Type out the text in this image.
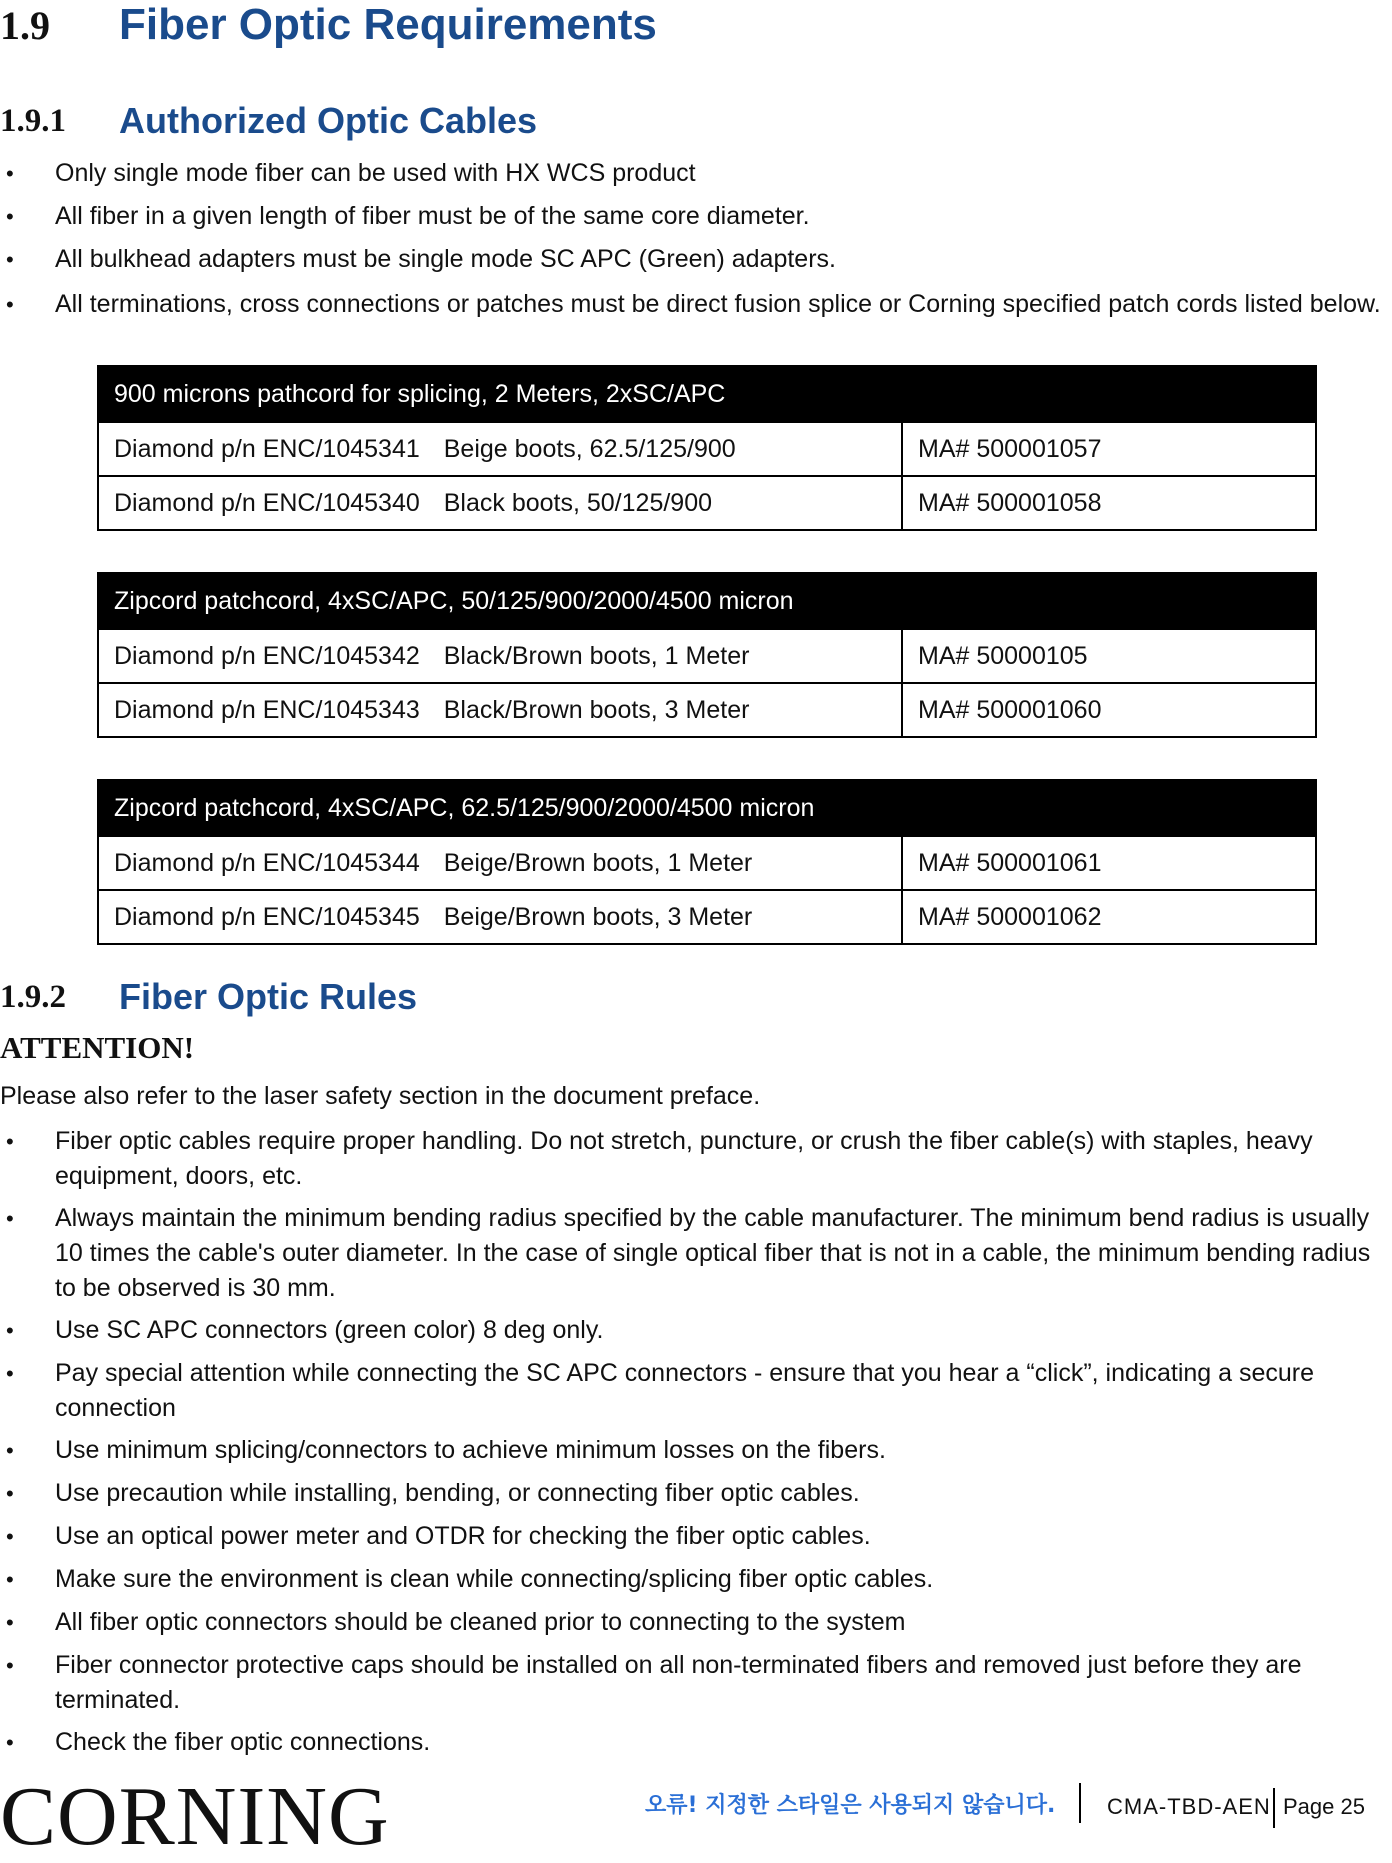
1.9 Fiber Optic Requirements
1.9.1 Authorized Optic Cables
• Only single mode fiber can be used with HX WCS product
• All fiber in a given length of fiber must be of the same core diameter.
• All bulkhead adapters must be single mode SC APC (Green) adapters.
• All terminations, cross connections or patches must be direct fusion splice or Corning specified patch cords listed below.
900 microns pathcord for splicing, 2 Meters, 2xSC/APC	
Diamond p/n ENC/1045341 Beige boots, 62.5/125/900	MA# 500001057
Diamond p/n ENC/1045340 Black boots, 50/125/900	MA# 500001058
Zipcord patchcord, 4xSC/APC, 50/125/900/2000/4500 micron	
Diamond p/n ENC/1045342 Black/Brown boots, 1 Meter	MA# 50000105
Diamond p/n ENC/1045343 Black/Brown boots, 3 Meter	MA# 500001060
Zipcord patchcord, 4xSC/APC, 62.5/125/900/2000/4500 micron	
Diamond p/n ENC/1045344 Beige/Brown boots, 1 Meter	MA# 500001061
Diamond p/n ENC/1045345 Beige/Brown boots, 3 Meter	MA# 500001062
1.9.2 Fiber Optic Rules
ATTENTION!
Please also refer to the laser safety section in the document preface.
• Fiber optic cables require proper handling. Do not stretch, puncture, or crush the fiber cable(s) with staples, heavy equipment, doors, etc.
• Always maintain the minimum bending radius specified by the cable manufacturer. The minimum bend radius is usually 10 times the cable's outer diameter. In the case of single optical fiber that is not in a cable, the minimum bending radius to be observed is 30 mm.
• Use SC APC connectors (green color) 8 deg only.
• Pay special attention while connecting the SC APC connectors - ensure that you hear a “click”, indicating a secure connection
• Use minimum splicing/connectors to achieve minimum losses on the fibers.
• Use precaution while installing, bending, or connecting fiber optic cables.
• Use an optical power meter and OTDR for checking the fiber optic cables.
• Make sure the environment is clean while connecting/splicing fiber optic cables.
• All fiber optic connectors should be cleaned prior to connecting to the system
• Fiber connector protective caps should be installed on all non-terminated fibers and removed just before they are terminated.
• Check the fiber optic connections.
CORNING	오류! 지정한 스타일은 사용되지 않습니다. CMA-TBD-AEN Page 25
